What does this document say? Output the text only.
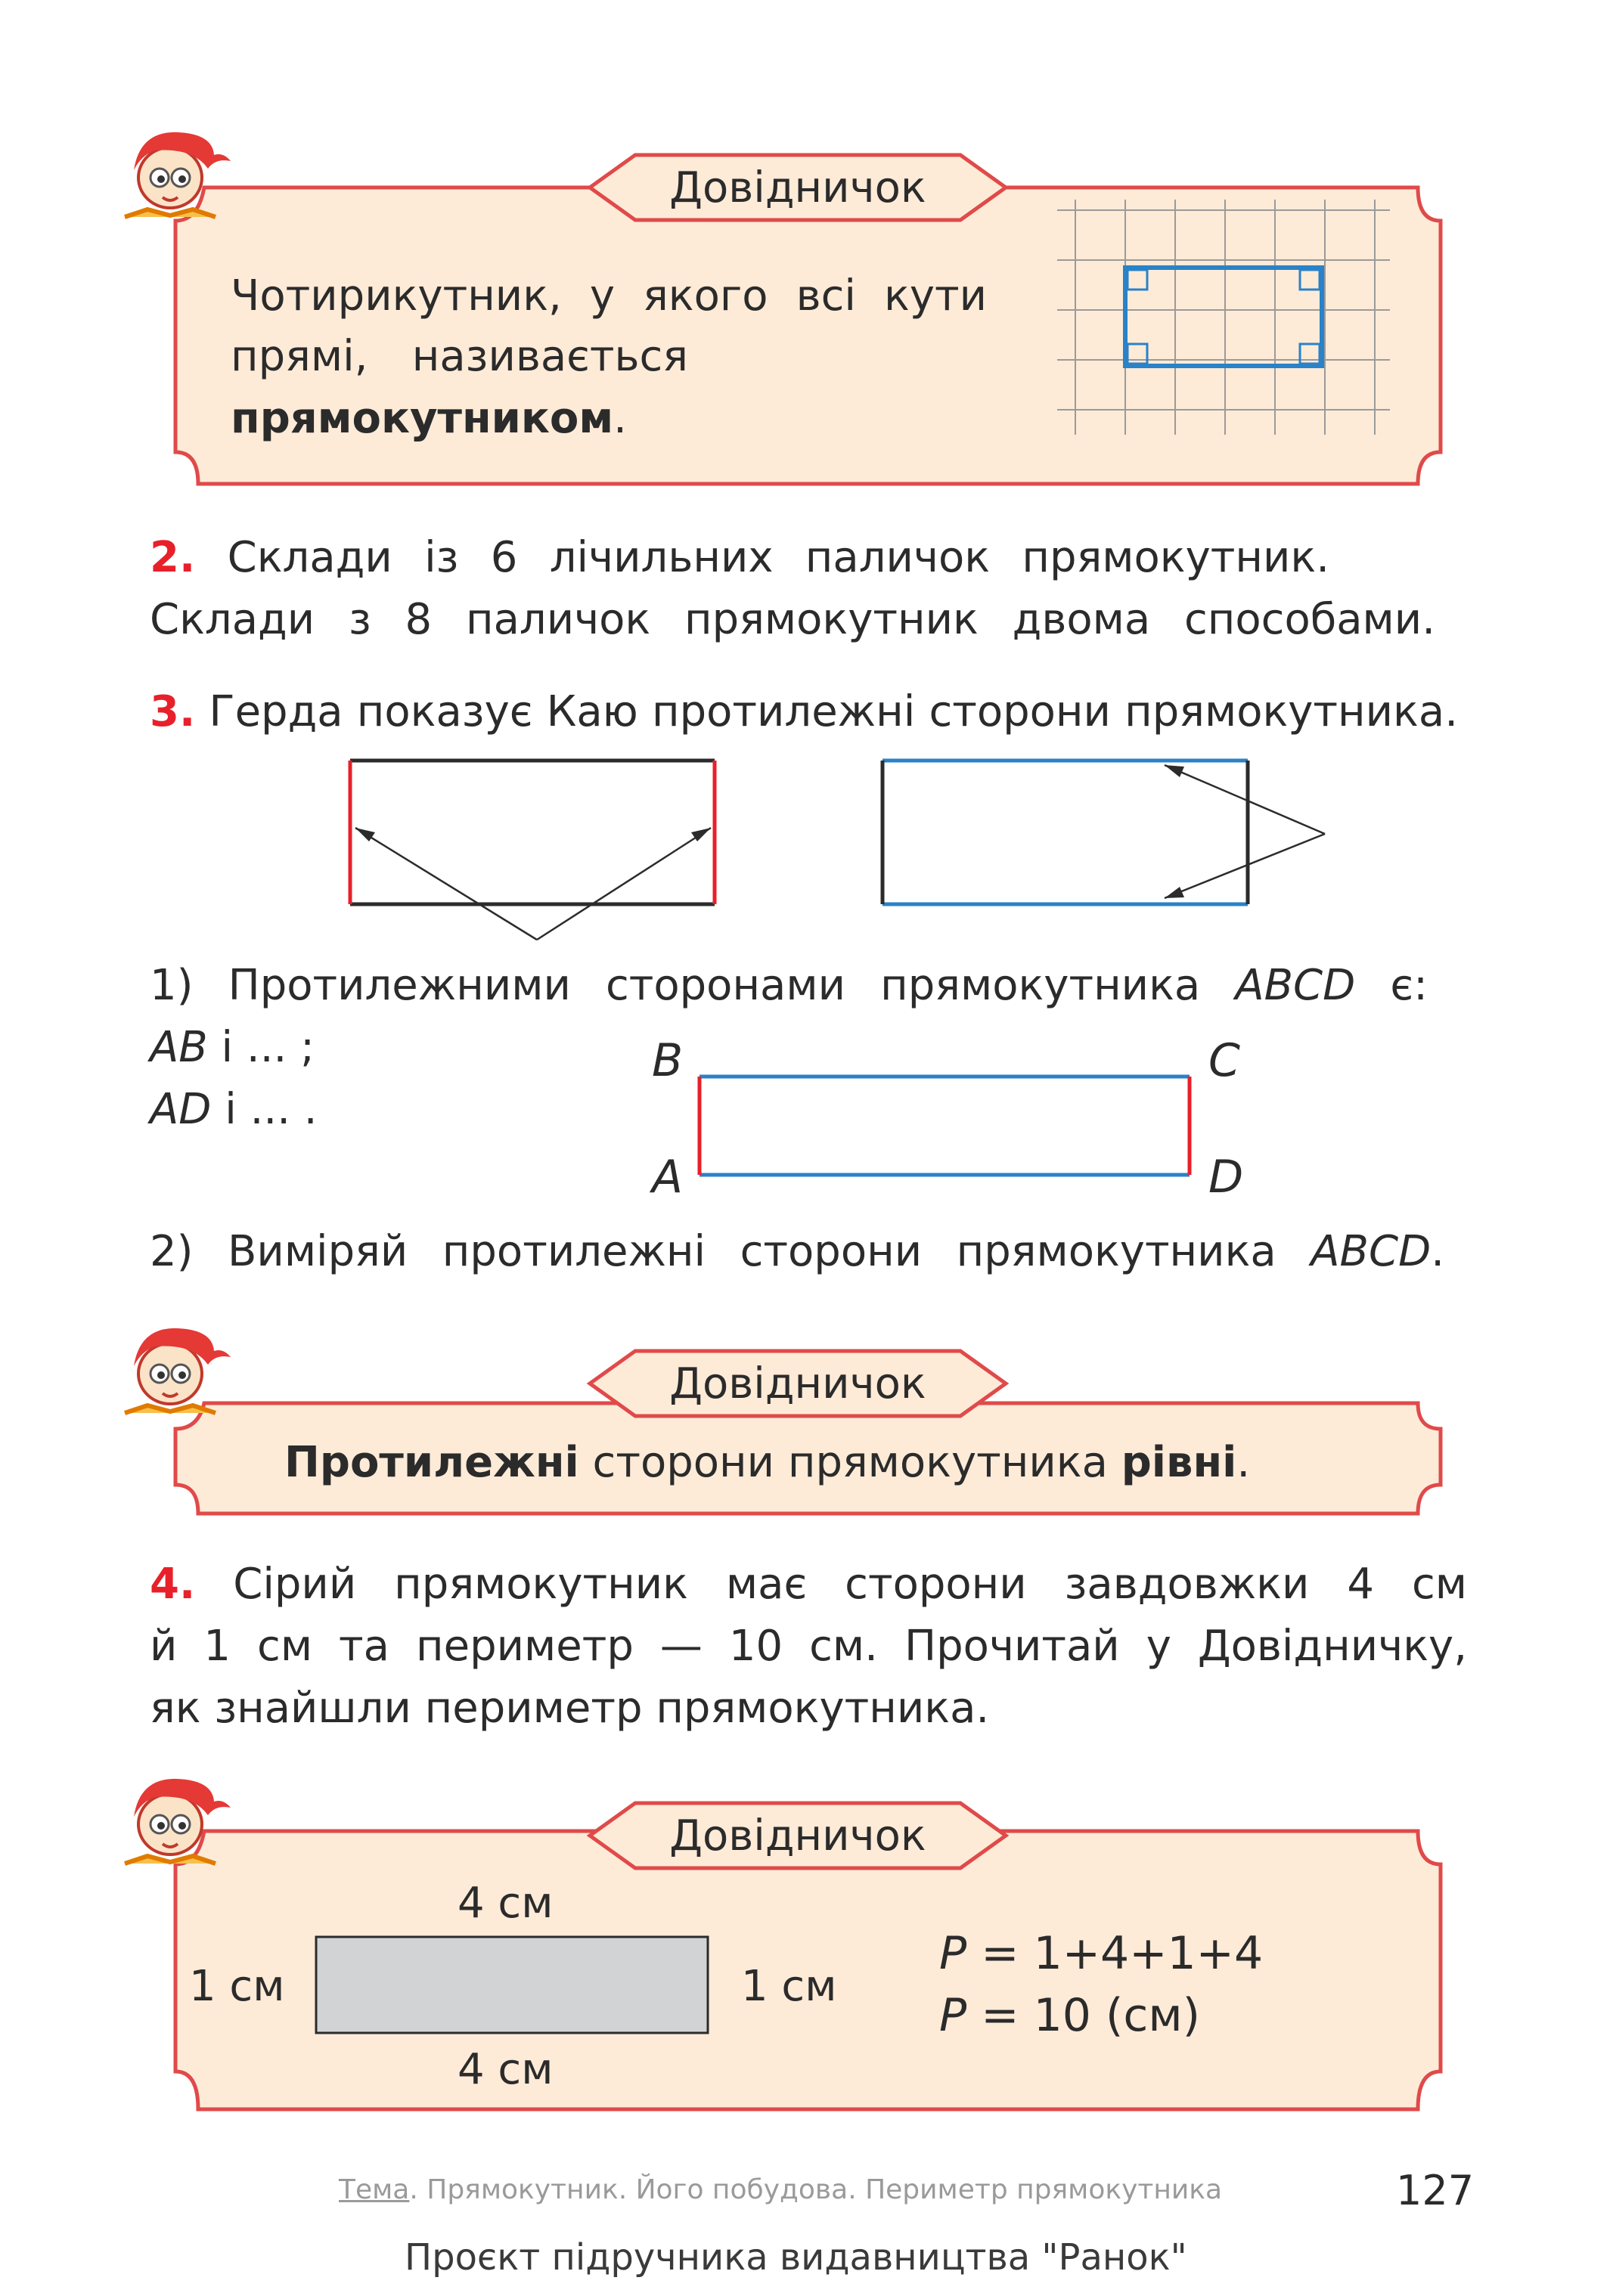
Довідничок
Чотирикутник, у якого всі кути
прямі, називається
прямокутником.
2. Склади із 6 лічильних паличок прямокутник.
Склади з 8 паличок прямокутник двома способами.
3. Герда показує Каю протилежні сторони прямокутника.
1) Протилежними сторонами прямокутника ABCD є:
AB і ... ;
AD і ... .
B	C
A	D
2) Виміряй протилежні сторони прямокутника ABCD.
Довідничок
Протилежні сторони прямокутника рівні.
4. Сірий прямокутник має сторони завдовжки 4 см
й 1 см та периметр — 10 см. Прочитай у Довідничку,
як знайшли периметр прямокутника.
Довідничок
4 см
4 см
1 см	1 см
P = 1+4+1+4
P = 10 (см)
Тема. Прямокутник. Його побудова. Периметр прямокутника	127
Проєкт підручника видавництва "Ранок"
